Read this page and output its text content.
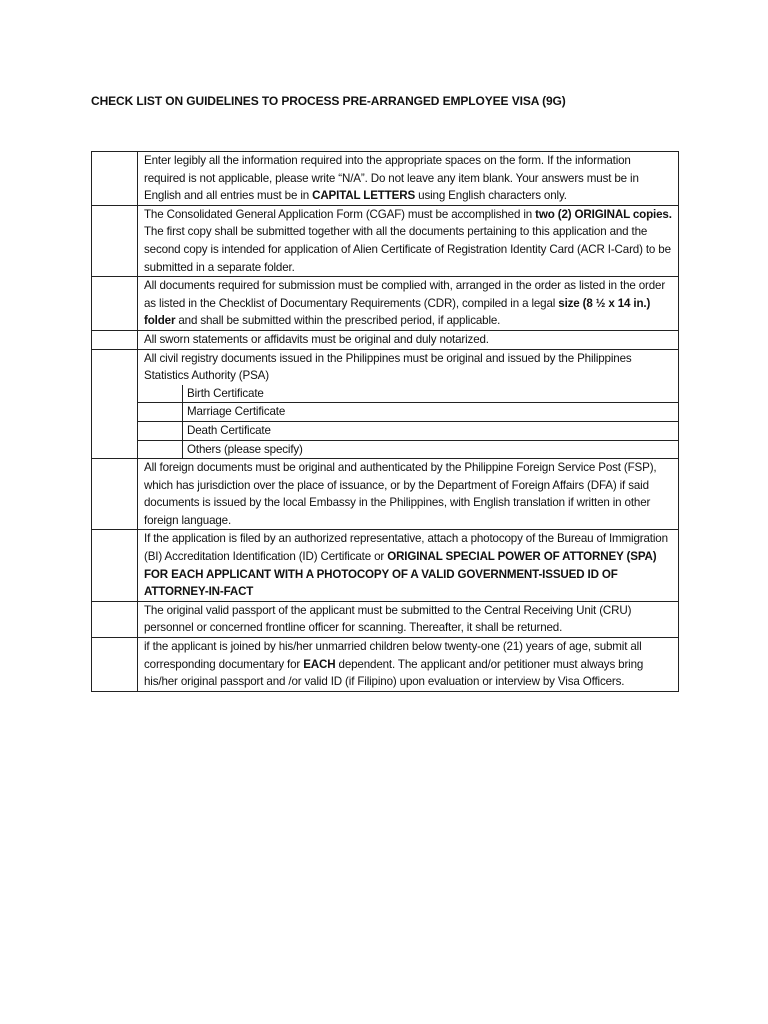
CHECK LIST ON GUIDELINES TO PROCESS PRE-ARRANGED EMPLOYEE VISA (9G)

Enter legibly all the information required into the appropriate spaces on the form. If the information required is not applicable, please write “N/A”. Do not leave any item blank. Your answers must be in English and all entries must be in CAPITAL LETTERS using English characters only.

The Consolidated General Application Form (CGAF) must be accomplished in two (2) ORIGINAL copies. The first copy shall be submitted together with all the documents pertaining to this application and the second copy is intended for application of Alien Certificate of Registration Identity Card (ACR I-Card) to be submitted in a separate folder.

All documents required for submission must be complied with, arranged in the order as listed in the order as listed in the Checklist of Documentary Requirements (CDR), compiled in a legal size (8 ½ x 14 in.) folder and shall be submitted within the prescribed period, if applicable.

All sworn statements or affidavits must be original and duly notarized.

All civil registry documents issued in the Philippines must be original and issued by the Philippines Statistics Authority (PSA)
	Birth Certificate
	Marriage Certificate
	Death Certificate
	Others (please specify)

All foreign documents must be original and authenticated by the Philippine Foreign Service Post (FSP), which has jurisdiction over the place of issuance, or by the Department of Foreign Affairs (DFA) if said documents is issued by the local Embassy in the Philippines, with English translation if written in other foreign language.

If the application is filed by an authorized representative, attach a photocopy of the Bureau of Immigration (BI) Accreditation Identification (ID) Certificate or ORIGINAL SPECIAL POWER OF ATTORNEY (SPA) FOR EACH APPLICANT WITH A PHOTOCOPY OF A VALID GOVERNMENT-ISSUED ID OF ATTORNEY-IN-FACT

The original valid passport of the applicant must be submitted to the Central Receiving Unit (CRU) personnel or concerned frontline officer for scanning. Thereafter, it shall be returned.

if the applicant is joined by his/her unmarried children below twenty-one (21) years of age, submit all corresponding documentary for EACH dependent. The applicant and/or petitioner must always bring his/her original passport and /or valid ID (if Filipino) upon evaluation or interview by Visa Officers.
